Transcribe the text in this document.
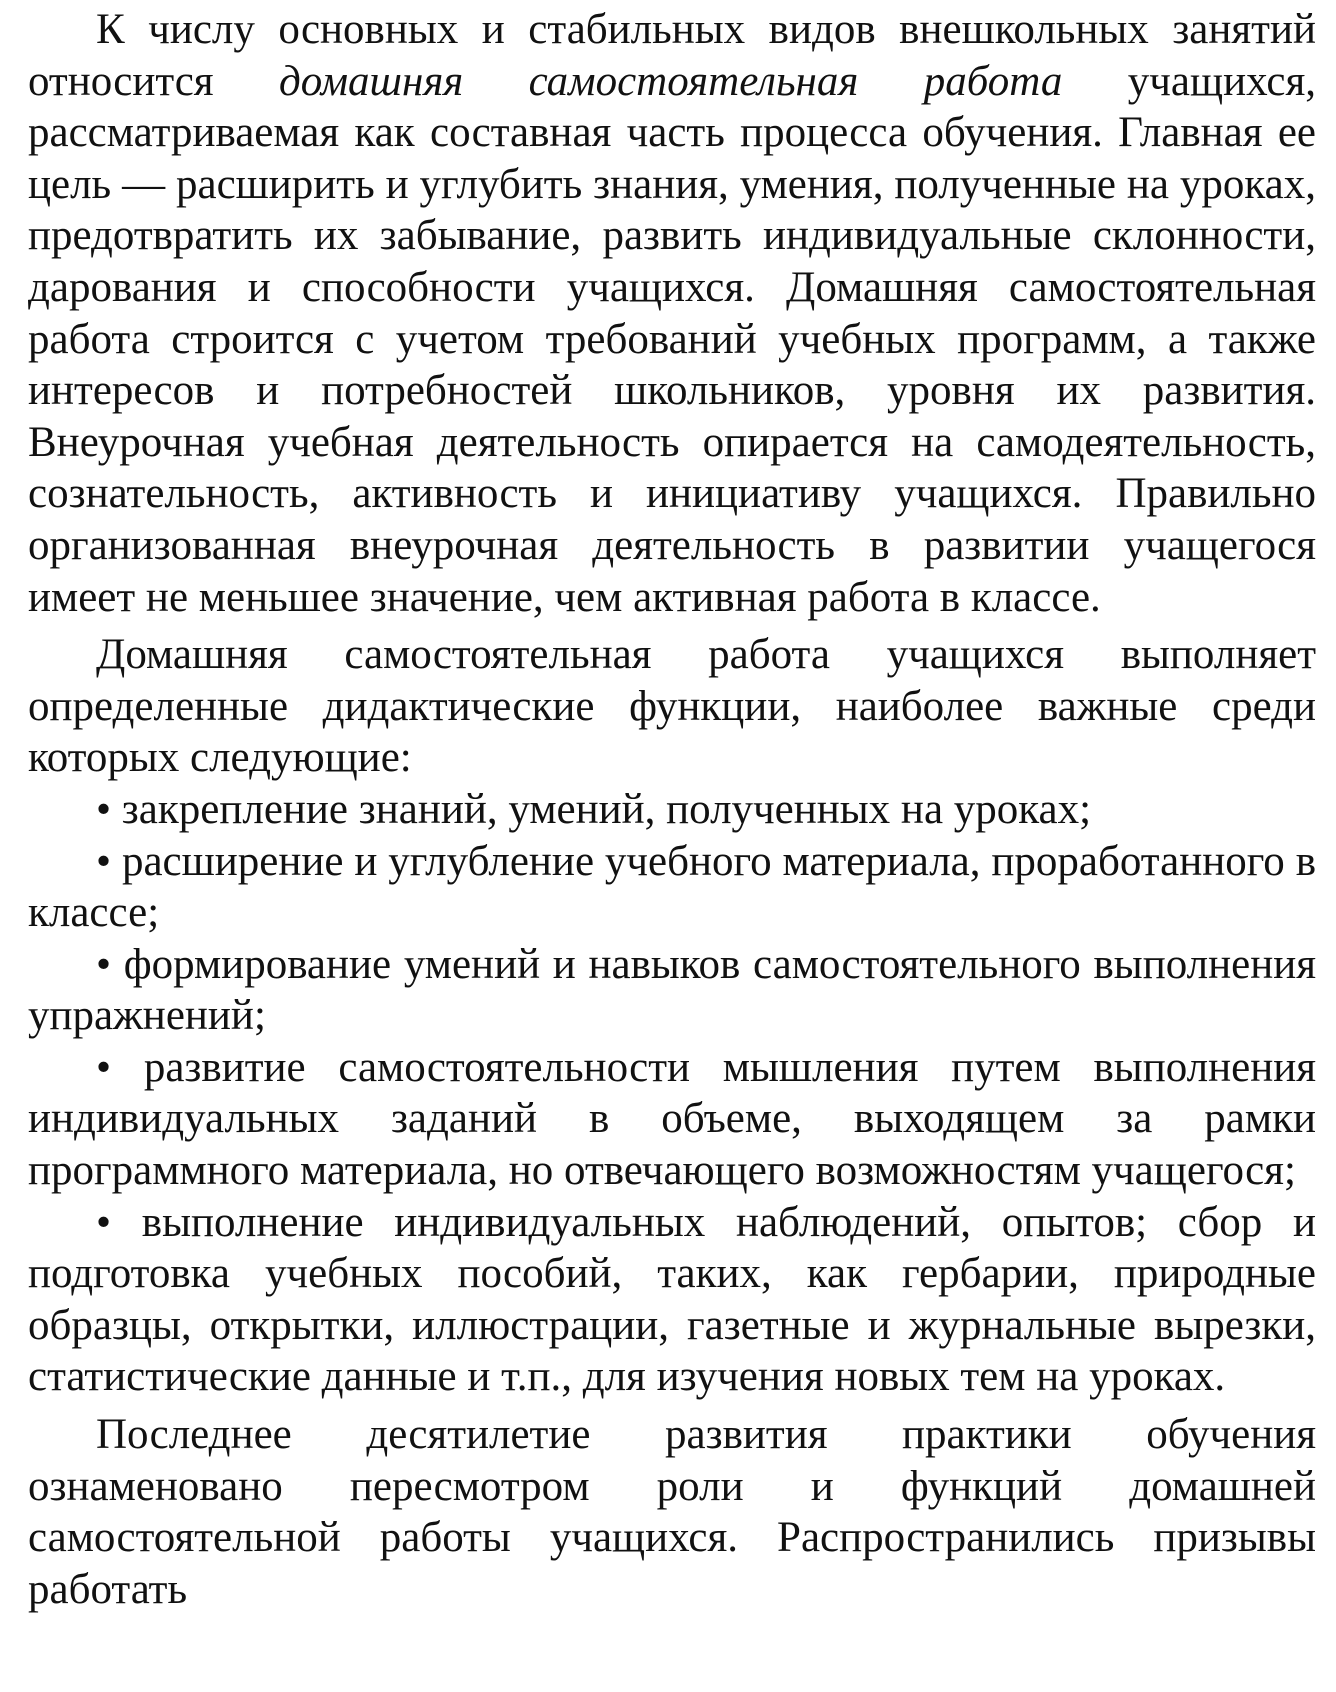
К числу основных и стабильных видов внешкольных занятий относится домашняя самостоятельная работа учащихся, рассматриваемая как составная часть процесса обучения. Главная ее цель — расширить и углубить знания, умения, полученные на уроках, предотвратить их забывание, развить индивидуальные склонности, дарования и способности учащихся. Домашняя самостоятельная работа строится с учетом требований учебных программ, а также интересов и потребностей школьников, уровня их развития. Внеурочная учебная деятельность опирается на самодеятельность, сознательность, активность и инициативу учащихся. Правильно организованная внеурочная деятельность в развитии учащегося имеет не меньшее значение, чем активная работа в классе.

Домашняя самостоятельная работа учащихся выполняет определенные дидактические функции, наиболее важные среди которых следующие:

• закрепление знаний, умений, полученных на уроках;

• расширение и углубление учебного материала, проработанного в классе;

• формирование умений и навыков самостоятельного выполнения упражнений;

• развитие самостоятельности мышления путем выполнения индивидуальных заданий в объеме, выходящем за рамки программного материала, но отвечающего возможностям учащегося;

• выполнение индивидуальных наблюдений, опытов; сбор и подготовка учебных пособий, таких, как гербарии, природные образцы, открытки, иллюстрации, газетные и журнальные вырезки, статистические данные и т.п., для изучения новых тем на уроках.

Последнее десятилетие развития практики обучения ознаменовано пересмотром роли и функций домашней самостоятельной работы учащихся. Распространились призывы работать
